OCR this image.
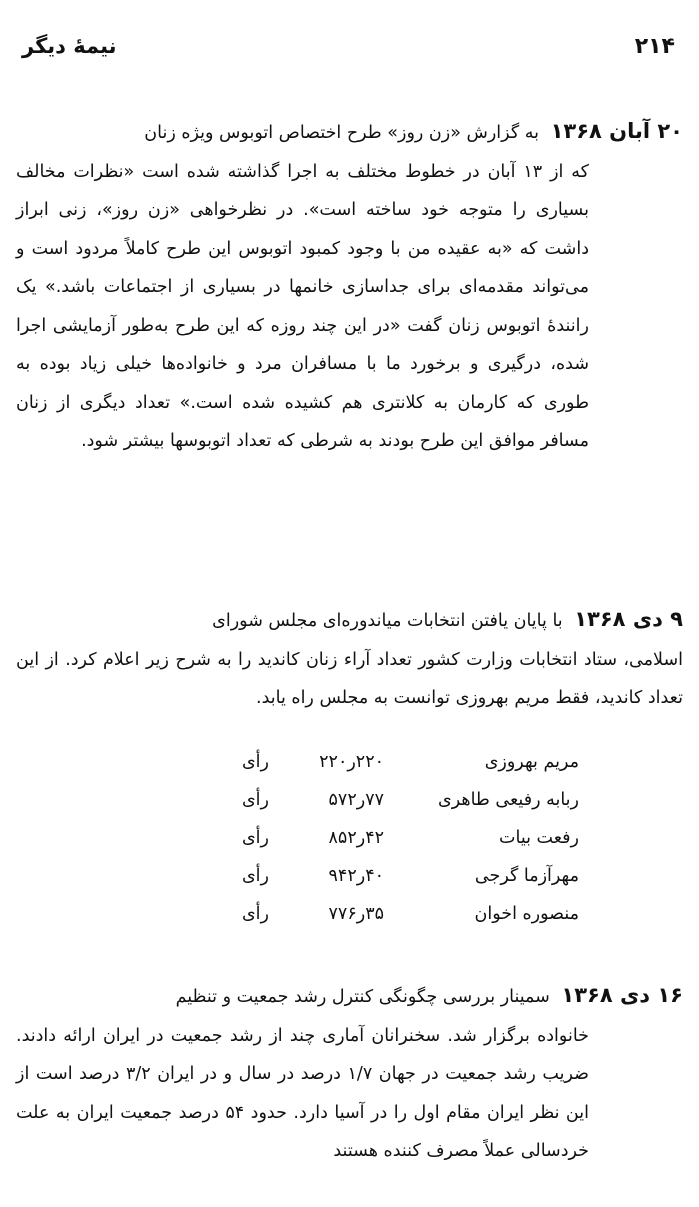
۲۱۴
نیمهٔ دیگر

۲۰ آبان ۱۳۶۸ به گزارش «زن روز» طرح اختصاص اتوبوس ویژه زنان

که از ۱۳ آبان در خطوط مختلف به اجرا گذاشته شده است «نظرات مخالف بسیاری را متوجه خود ساخته است». در نظرخواهی «زن روز»، زنی ابراز داشت که «به عقیده من با وجود کمبود اتوبوس این طرح کاملاً مردود است و می‌تواند مقدمه‌ای برای جداسازی خانمها در بسیاری از اجتماعات باشد.» یک رانندهٔ اتوبوس زنان گفت «در این چند روزه که این طرح به‌طور آزمایشی اجرا شده، درگیری و برخورد ما با مسافران مرد و خانواده‌ها خیلی زیاد بوده به طوری که کارمان به کلانتری هم کشیده شده است.» تعداد دیگری از زنان مسافر موافق این طرح بودند به شرطی که تعداد اتوبوسها بیشتر شود.

۹ دی ۱۳۶۸ با پایان یافتن انتخابات میاندوره‌ای مجلس شورای

اسلامی، ستاد انتخابات وزارت کشور تعداد آراء زنان کاندید را به شرح زیر اعلام کرد. از این تعداد کاندید، فقط مریم بهروزی توانست به مجلس راه یابد.
مریم بهروزی
۲۲۰ر۲۲۰
رأی
ربابه رفیعی طاهری
۷۷ر۵۷۲
رأی
رفعت بیات
۴۲ر۸۵۲
رأی
مهرآزما گرجی
۴۰ر۹۴۲
رأی
منصوره اخوان
۳۵ر۷۷۶
رأی

۱۶ دی ۱۳۶۸ سمینار بررسی چگونگی کنترل رشد جمعیت و تنظیم

خانواده برگزار شد. سخنرانان آماری چند از رشد جمعیت در ایران ارائه دادند. ضریب رشد جمعیت در جهان ۱/۷ درصد در سال و در ایران ۳/۲ درصد است از این نظر ایران مقام اول را در آسیا دارد. حدود ۵۴ درصد جمعیت ایران به علت خردسالی عملاً مصرف کننده هستند
